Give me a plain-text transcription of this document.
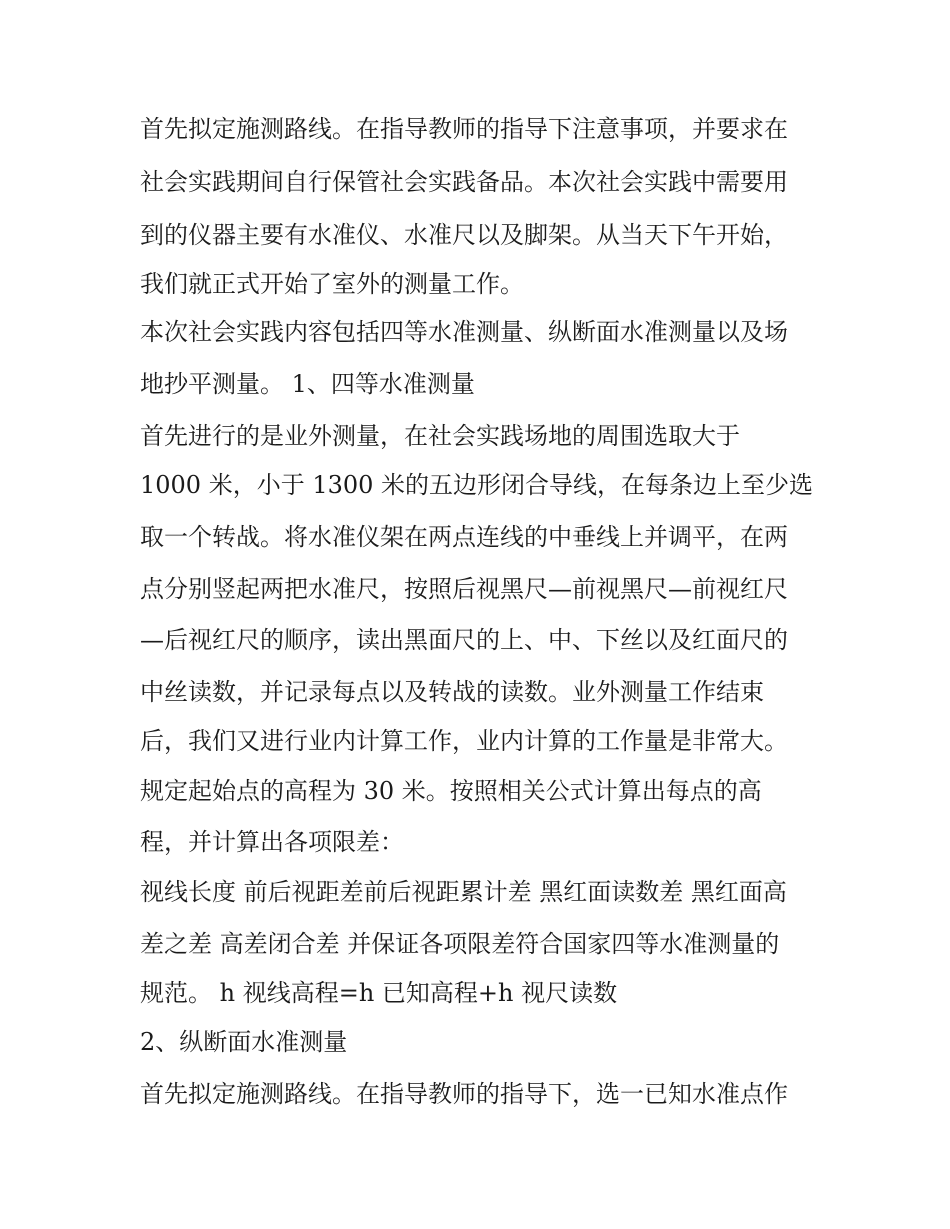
首先拟定施测路线。在指导教师的指导下注意事项，并要求在
社会实践期间自行保管社会实践备品。本次社会实践中需要用
到的仪器主要有水准仪、水准尺以及脚架。从当天下午开始，
我们就正式开始了室外的测量工作。
本次社会实践内容包括四等水准测量、纵断面水准测量以及场
地抄平测量。 1、四等水准测量
首先进行的是业外测量，在社会实践场地的周围选取大于
1000 米，小于 1300 米的五边形闭合导线，在每条边上至少选
取一个转战。将水准仪架在两点连线的中垂线上并调平，在两
点分别竖起两把水准尺，按照后视黑尺—前视黑尺—前视红尺
—后视红尺的顺序，读出黑面尺的上、中、下丝以及红面尺的
中丝读数，并记录每点以及转战的读数。业外测量工作结束
后，我们又进行业内计算工作，业内计算的工作量是非常大。
规定起始点的高程为 30 米。按照相关公式计算出每点的高
程，并计算出各项限差：
视线长度 前后视距差前后视距累计差 黑红面读数差 黑红面高
差之差 高差闭合差 并保证各项限差符合国家四等水准测量的
规范。 h 视线高程=h 已知高程+h 视尺读数
2、纵断面水准测量
首先拟定施测路线。在指导教师的指导下，选一已知水准点作
